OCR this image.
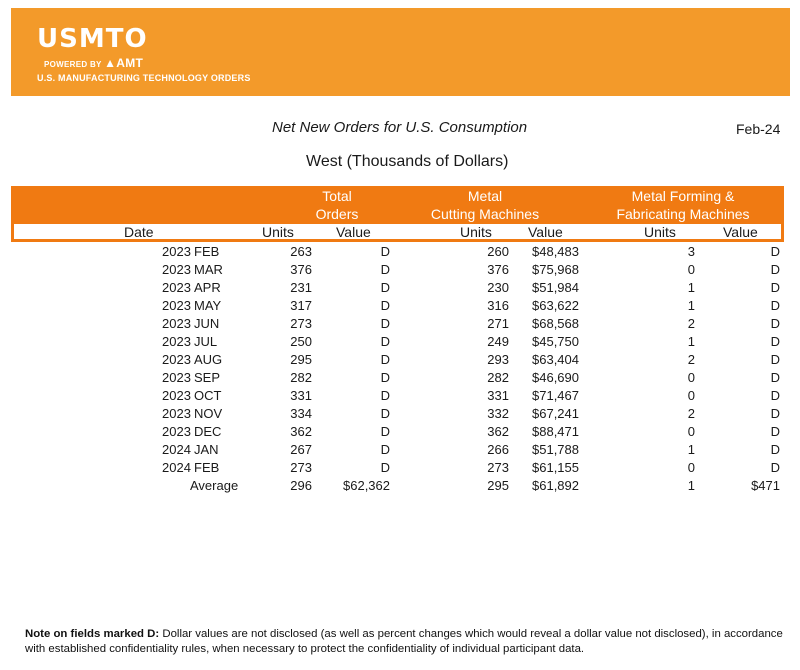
USMTO
POWERED BY ▲AMT
U.S. MANUFACTURING TECHNOLOGY ORDERS
Net New Orders for U.S. Consumption	Feb-24
West (Thousands of Dollars)
Total
Orders
Metal
Cutting Machines
Metal Forming &
Fabricating Machines
Date	Units	Value	Units	Value	Units	Value
2023 FEB	263	D	260 $48,483	3	D
2023 MAR	376	D	376 $75,968	0	D
2023 APR	231	D	230 $51,984	1	D
2023 MAY	317	D	316 $63,622	1	D
2023 JUN	273	D	271 $68,568	2	D
2023 JUL	250	D	249 $45,750	1	D
2023 AUG	295	D	293 $63,404	2	D
2023 SEP	282	D	282 $46,690	0	D
2023 OCT	331	D	331 $71,467	0	D
2023 NOV	334	D	332 $67,241	2	D
2023 DEC	362	D	362 $88,471	0	D
2024 JAN	267	D	266 $51,788	1	D
2024 FEB	273	D	273 $61,155	0	D
Average	296 $62,362	295 $61,892	1	$471
Note on fields marked D: Dollar values are not disclosed (as well as percent changes which would reveal a dollar value not disclosed), in accordance with established confidentiality rules, when necessary to protect the confidentiality of individual participant data.
